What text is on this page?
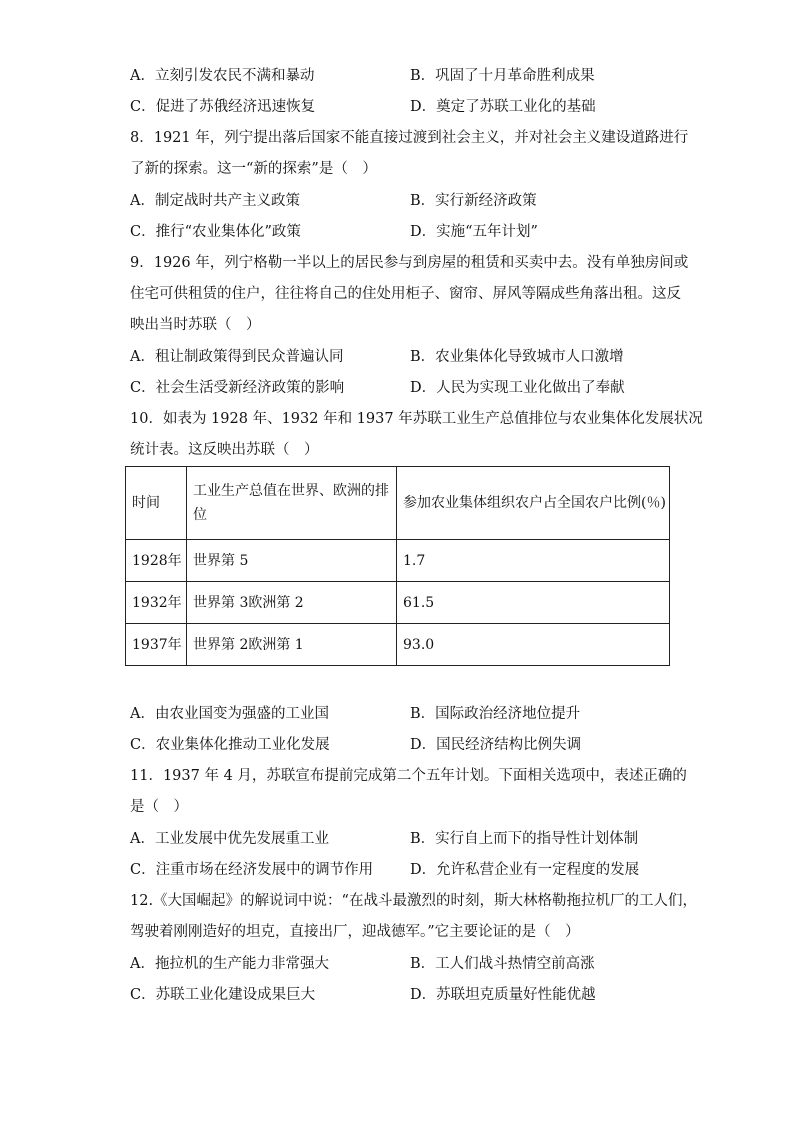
A．立刻引发农民不满和暴动	B．巩固了十月革命胜利成果
C．促进了苏俄经济迅速恢复	D．奠定了苏联工业化的基础
8．1921 年，列宁提出落后国家不能直接过渡到社会主义，并对社会主义建设道路进行
了新的探索。这一“新的探索”是（　）
A．制定战时共产主义政策	B．实行新经济政策
C．推行“农业集体化”政策	D．实施“五年计划”
9．1926 年，列宁格勒一半以上的居民参与到房屋的租赁和买卖中去。没有单独房间或
住宅可供租赁的住户，往往将自己的住处用柜子、窗帘、屏风等隔成些角落出租。这反
映出当时苏联（　）
A．租让制政策得到民众普遍认同	B．农业集体化导致城市人口激增
C．社会生活受新经济政策的影响	D．人民为实现工业化做出了奉献
10．如表为 1928 年、1932 年和 1937 年苏联工业生产总值排位与农业集体化发展状况
统计表。这反映出苏联（　）
时间	工业生产总值在世界、欧洲的排位	参加农业集体组织农户占全国农户比例(％)
1928年	世界第 5	1.7
1932年	世界第 3欧洲第 2	61.5
1937年	世界第 2欧洲第 1	93.0
A．由农业国变为强盛的工业国	B．国际政治经济地位提升
C．农业集体化推动工业化发展	D．国民经济结构比例失调
11．1937 年 4 月，苏联宣布提前完成第二个五年计划。下面相关选项中，表述正确的
是（　）
A．工业发展中优先发展重工业	B．实行自上而下的指导性计划体制
C．注重市场在经济发展中的调节作用	D．允许私营企业有一定程度的发展
12.《大国崛起》的解说词中说：“在战斗最激烈的时刻，斯大林格勒拖拉机厂的工人们，
驾驶着刚刚造好的坦克，直接出厂，迎战德军。”它主要论证的是（　）
A．拖拉机的生产能力非常强大	B．工人们战斗热情空前高涨
C．苏联工业化建设成果巨大	D．苏联坦克质量好性能优越
